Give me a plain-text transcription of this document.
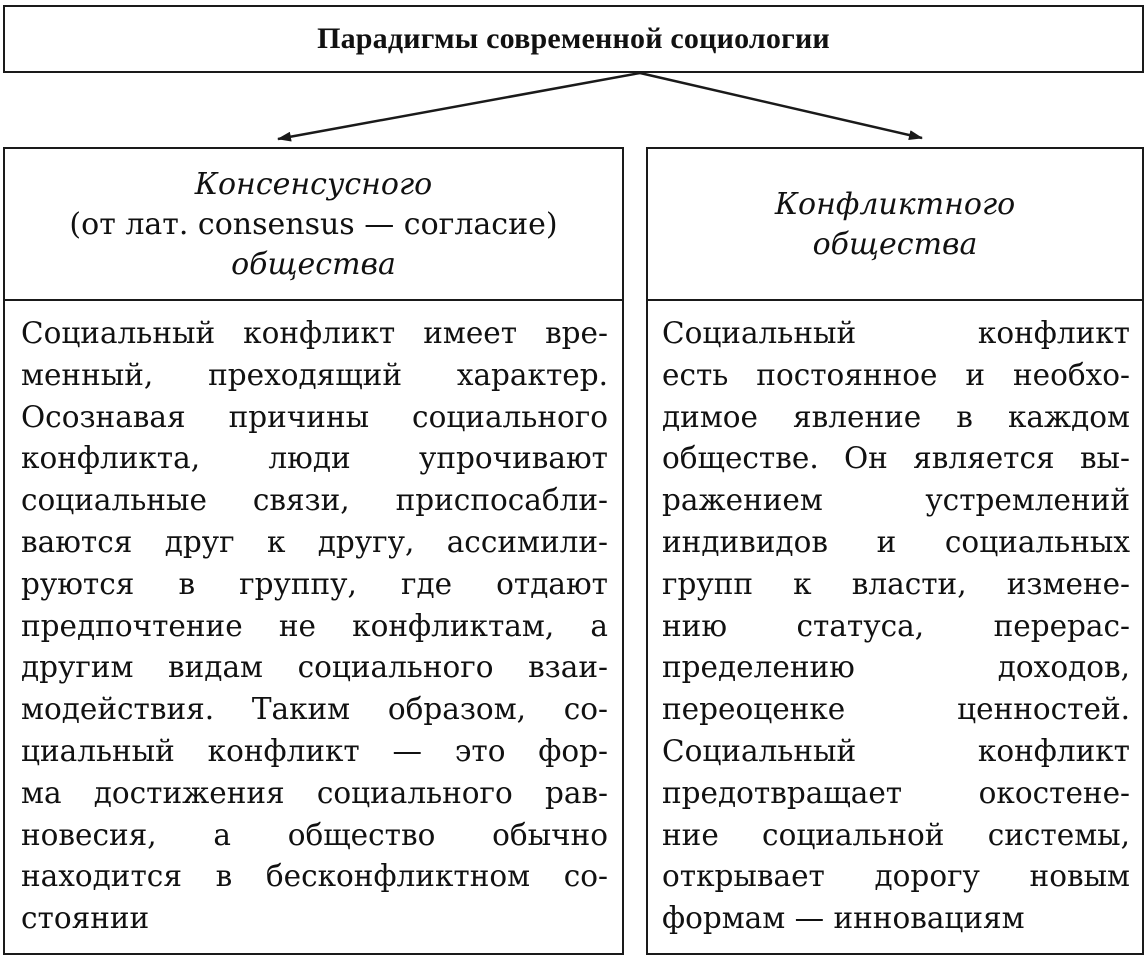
Парадигмы современной социологии
Консенсусного
(от лат. consensus — согласие)
общества
Конфликтного
общества
Социальный конфликт имеет вре-
менный, преходящий характер.
Осознавая причины социального
конфликта, люди упрочивают
социальные связи, приспосабли-
ваются друг к другу, ассимили-
руются в группу, где отдают
предпочтение не конфликтам, а
другим видам социального взаи-
модействия. Таким образом, со-
циальный конфликт — это фор-
ма достижения социального рав-
новесия, а общество обычно
находится в бесконфликтном со-
стоянии
Социальный конфликт
есть постоянное и необхо-
димое явление в каждом
обществе. Он является вы-
ражением устремлений
индивидов и социальных
групп к власти, измене-
нию статуса, перерас-
пределению доходов,
переоценке ценностей.
Социальный конфликт
предотвращает окостене-
ние социальной системы,
открывает дорогу новым
формам — инновациям
